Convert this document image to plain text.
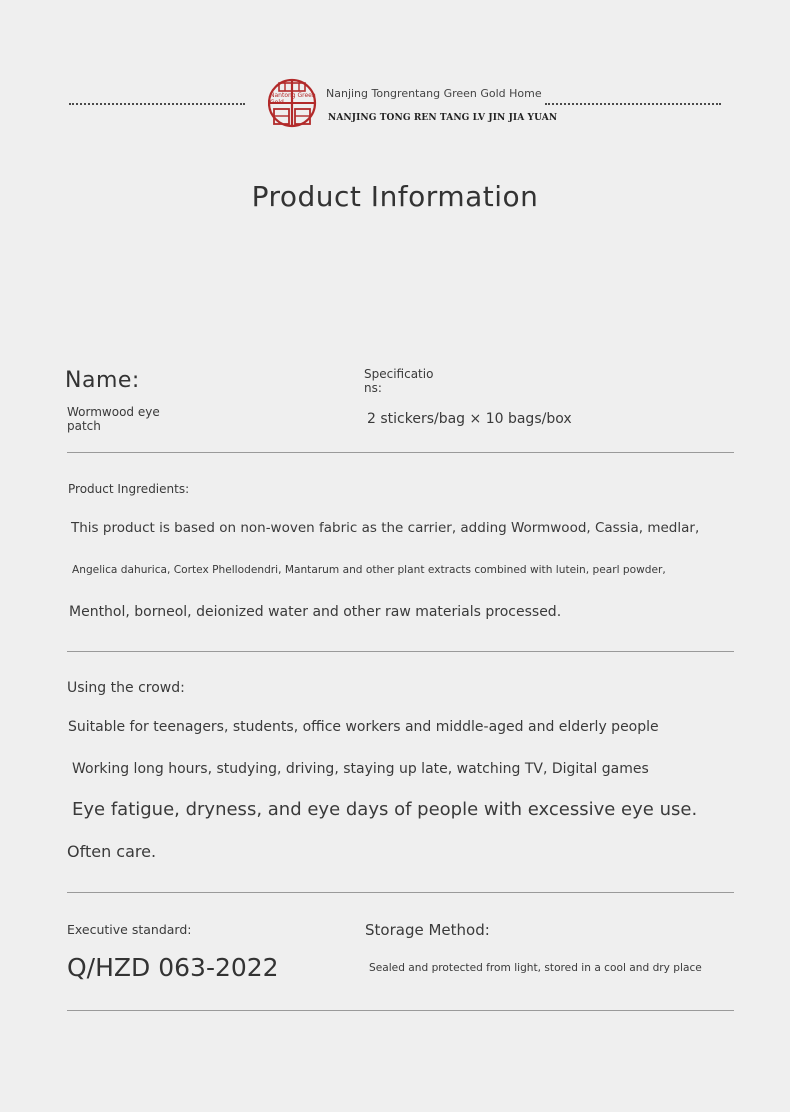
Nantong Green Gold
Nanjing Tongrentang Green Gold Home
NANJING TONG REN TANG LV JIN JIA YUAN
Product Information
Name:
Wormwood eye
patch
Specificatio
ns:
2 stickers/bag × 10 bags/box
Product Ingredients:
This product is based on non-woven fabric as the carrier, adding Wormwood, Cassia, medlar,
Angelica dahurica, Cortex Phellodendri, Mantarum and other plant extracts combined with lutein, pearl powder,
Menthol, borneol, deionized water and other raw materials processed.
Using the crowd:
Suitable for teenagers, students, office workers and middle-aged and elderly people
Working long hours, studying, driving, staying up late, watching TV, Digital games
Eye fatigue, dryness, and eye days of people with excessive eye use.
Often care.
Executive standard:
Q/HZD 063-2022
Storage Method:
Sealed and protected from light, stored in a cool and dry place
